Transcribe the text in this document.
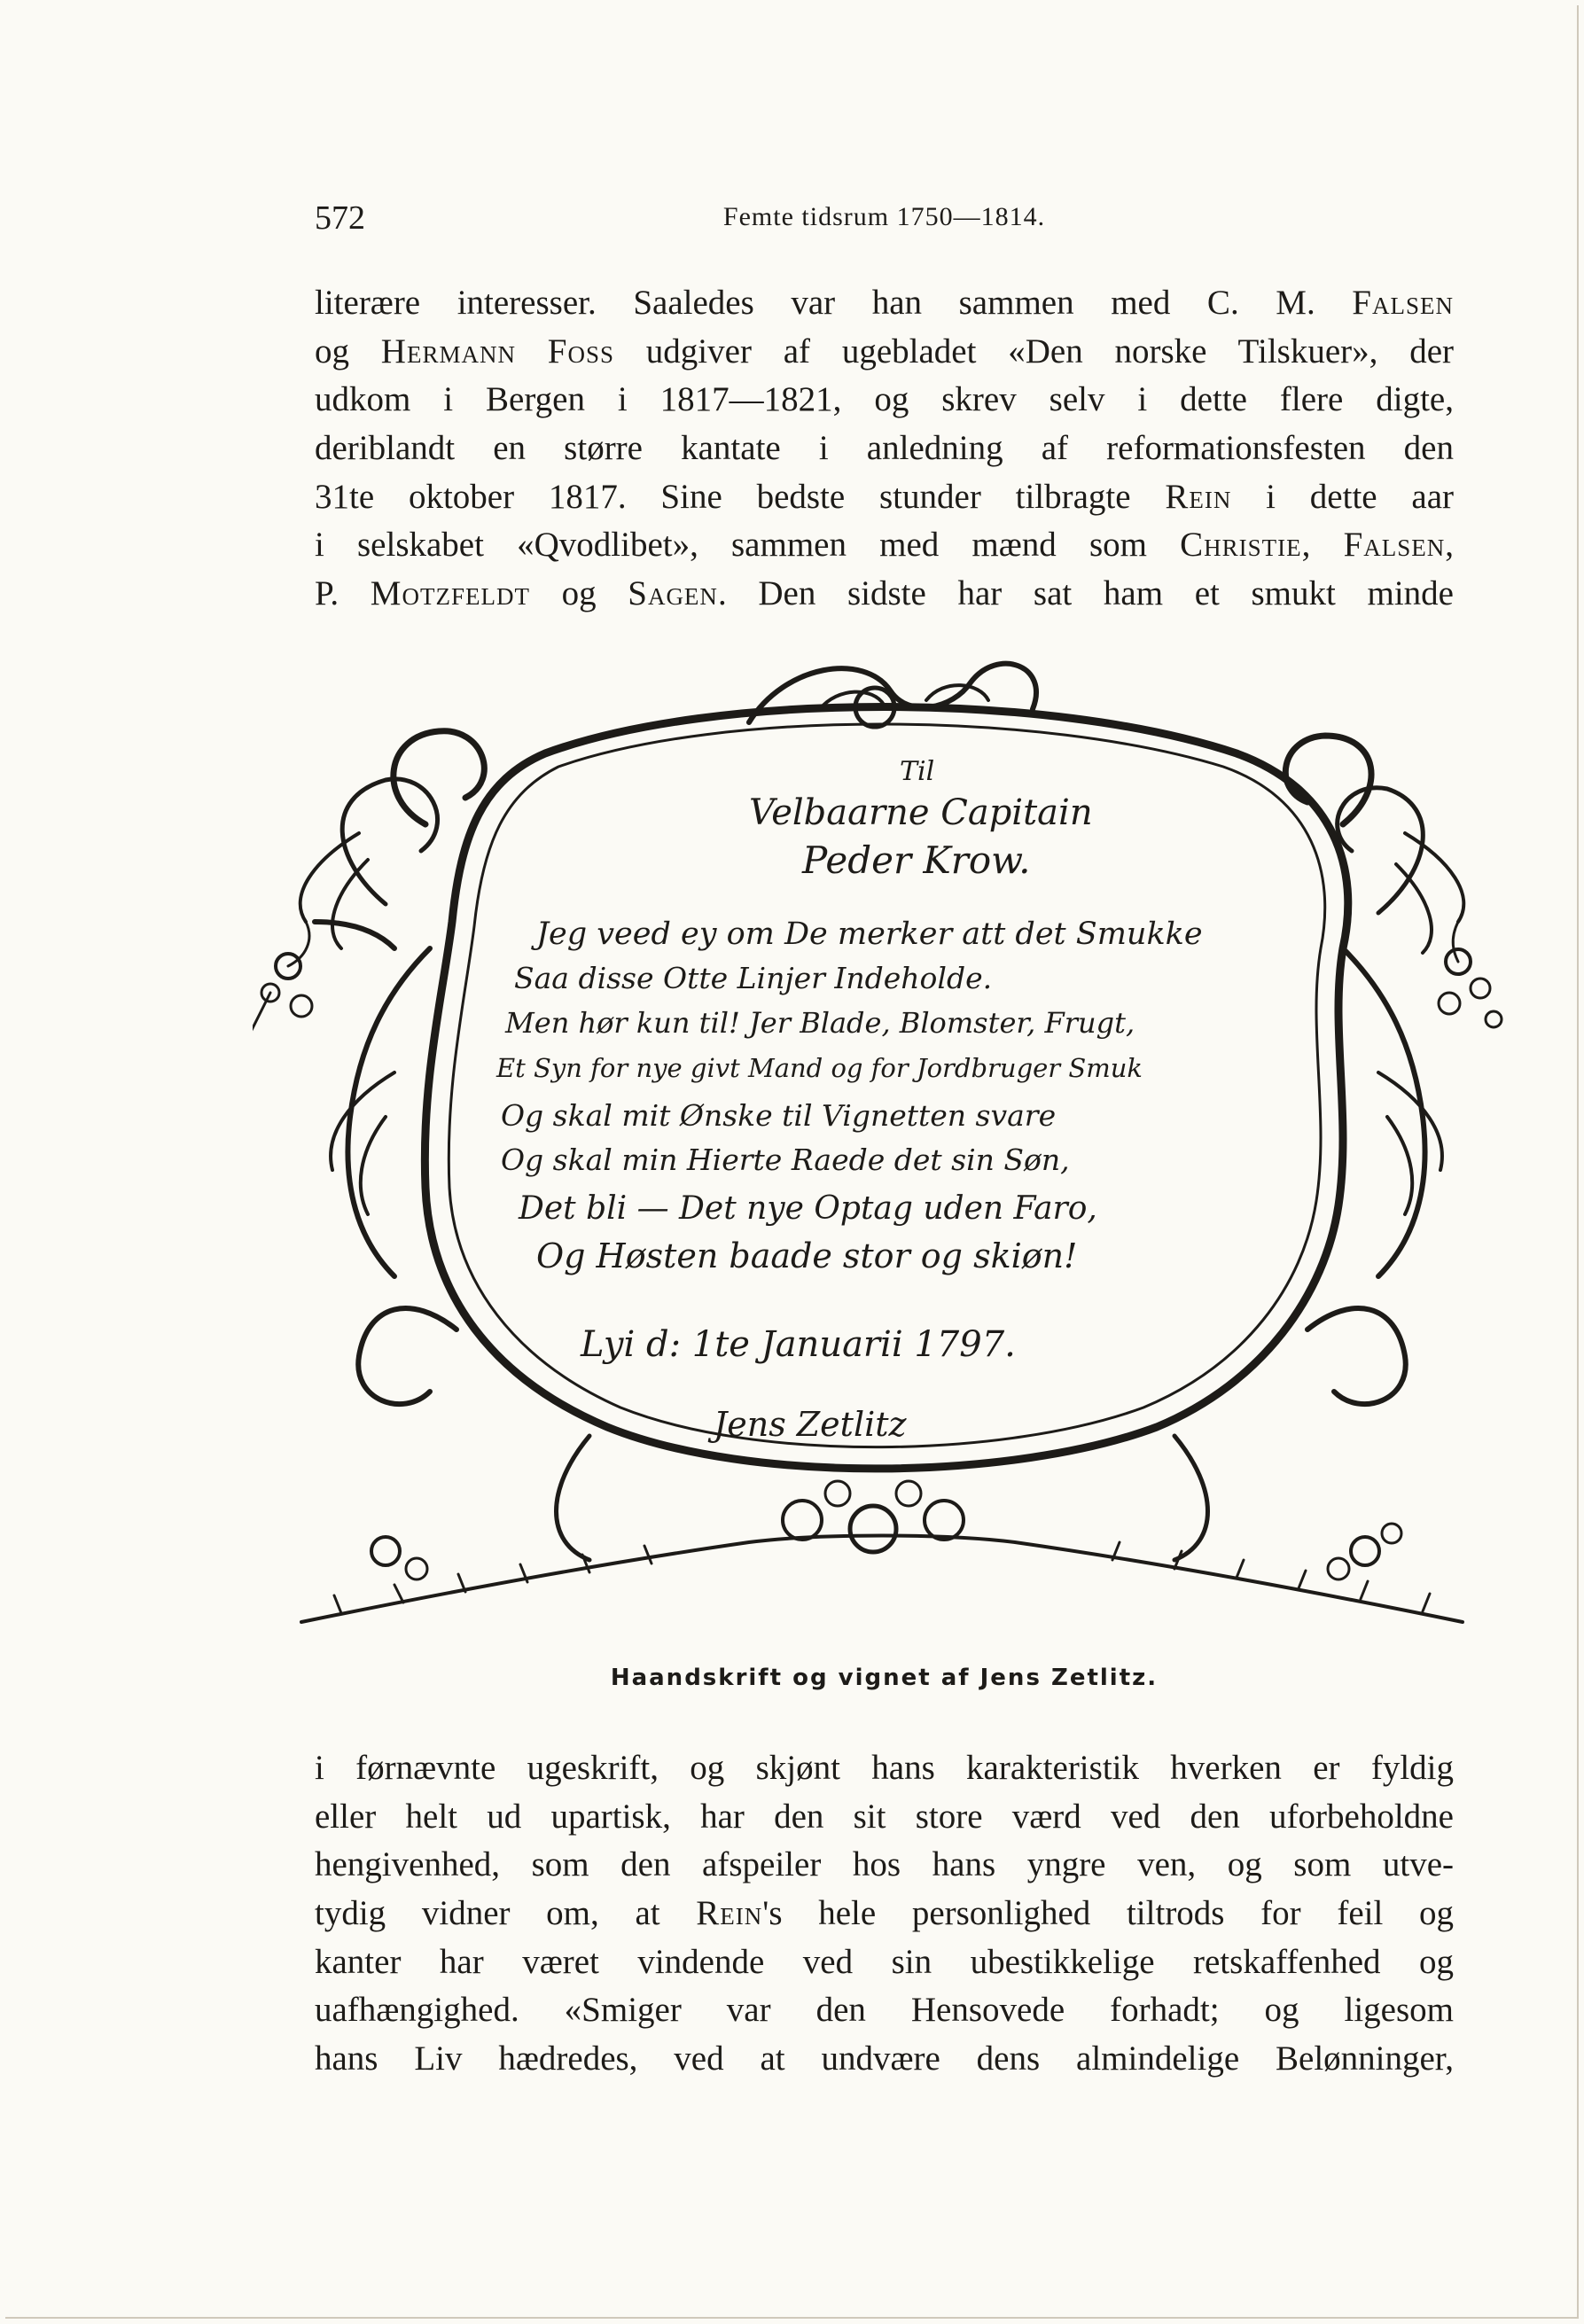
572	Femte tidsrum 1750—1814.
literære interesser. Saaledes var han sammen med C. M. Falsen
og Hermann Foss udgiver af ugebladet «Den norske Tilskuer», der
udkom i Bergen i 1817—1821, og skrev selv i dette flere digte,
deriblandt en større kantate i anledning af reformationsfesten den
31te oktober 1817. Sine bedste stunder tilbragte Rein i dette aar
i selskabet «Qvodlibet», sammen med mænd som Christie, Falsen,
P. Motzfeldt og Sagen. Den sidste har sat ham et smukt minde
Til
Velbaarne Capitain
Peder Krow.
Jeg veed ey om De merker att det Smukke
Saa disse Otte Linjer Indeholde.
Men hør kun til! Jer Blade, Blomster, Frugt,
Et Syn for nye givt Mand og for Jordbruger Smuk
Og skal mit Ønske til Vignetten svare
Og skal min Hierte Raede det sin Søn,
Det bli — Det nye Optag uden Faro,
Og Høsten baade stor og skiøn!
Lyi d: 1te Januarii 1797.
Jens Zetlitz
Haandskrift og vignet af Jens Zetlitz.
i førnævnte ugeskrift, og skjønt hans karakteristik hverken er fyldig
eller helt ud upartisk, har den sit store værd ved den uforbeholdne
hengivenhed, som den afspeiler hos hans yngre ven, og som utve-
tydig vidner om, at Rein's hele personlighed tiltrods for feil og
kanter har været vindende ved sin ubestikkelige retskaffenhed og
uafhængighed. «Smiger var den Hensovede forhadt; og ligesom
hans Liv hædredes, ved at undvære dens almindelige Belønninger,
